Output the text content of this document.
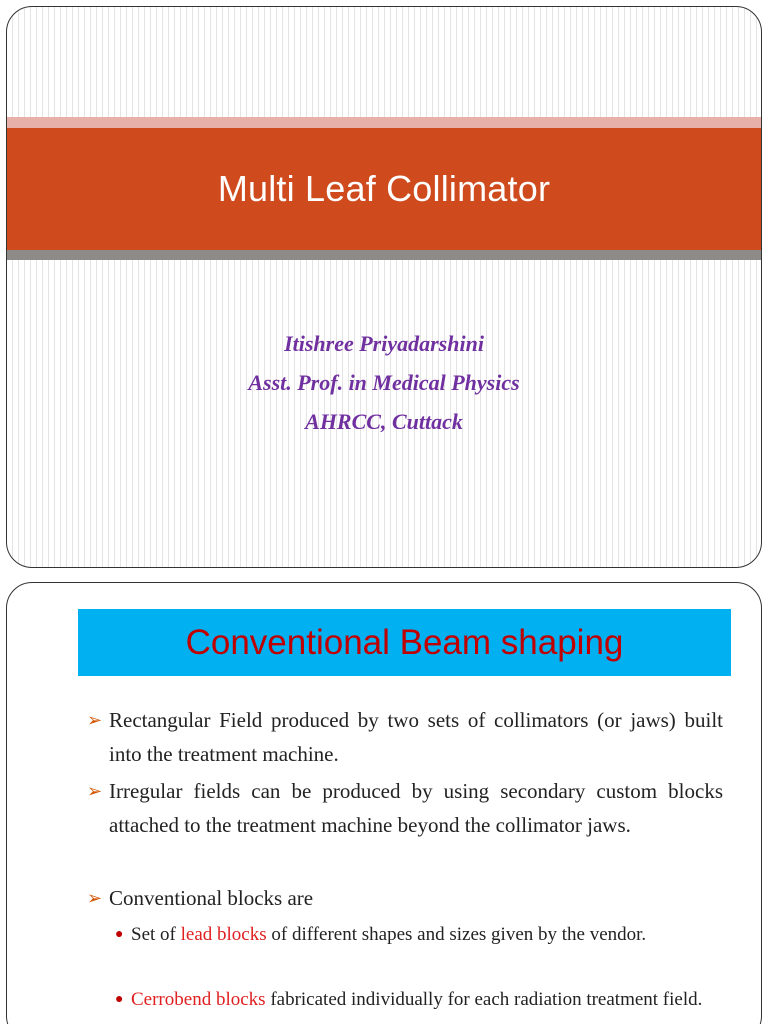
Multi Leaf Collimator
Itishree Priyadarshini
Asst. Prof. in Medical Physics
AHRCC, Cuttack
Conventional Beam shaping
➢ Rectangular Field produced by two sets of collimators (or jaws) built into the treatment machine.
➢ Irregular fields can be produced by using secondary custom blocks attached to the treatment machine beyond the collimator jaws.
➢ Conventional blocks are
● Set of lead blocks of different shapes and sizes given by the vendor.
● Cerrobend blocks fabricated individually for each radiation treatment field.
